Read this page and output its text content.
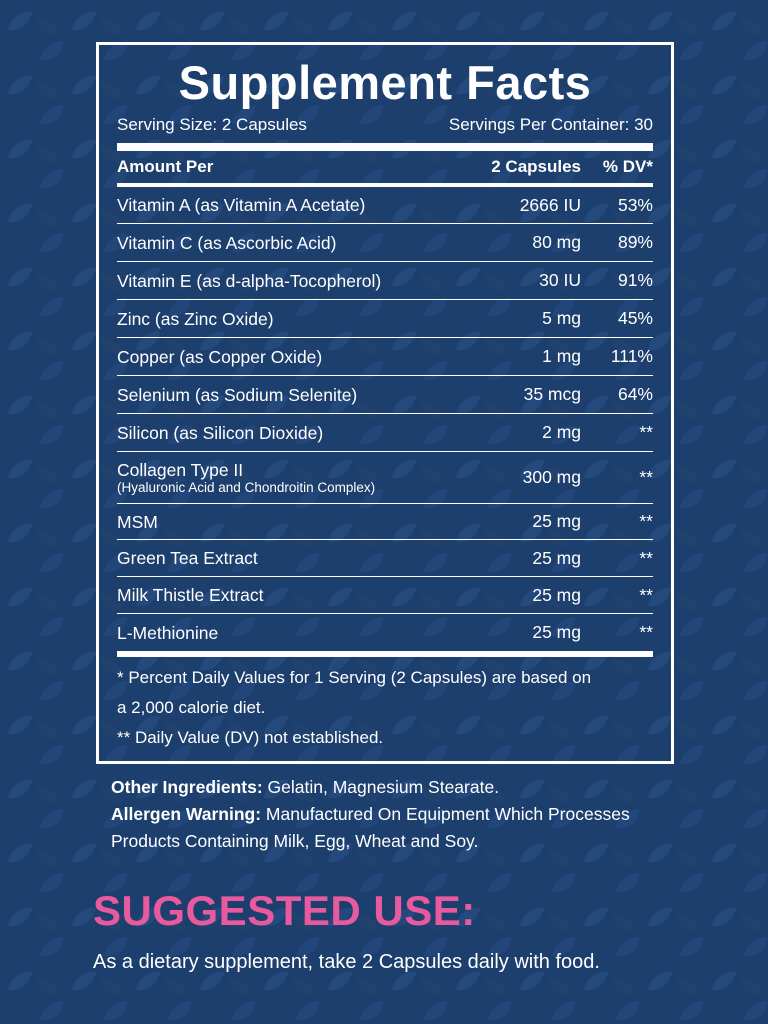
Supplement Facts
Serving Size: 2 Capsules	Servings Per Container: 30
Amount Per	2 Capsules	% DV*
Vitamin A (as Vitamin A Acetate)	2666 IU	53%
Vitamin C (as Ascorbic Acid)	80 mg	89%
Vitamin E (as d-alpha-Tocopherol)	30 IU	91%
Zinc (as Zinc Oxide)	5 mg	45%
Copper (as Copper Oxide)	1 mg	111%
Selenium (as Sodium Selenite)	35 mcg	64%
Silicon (as Silicon Dioxide)	2 mg	**
Collagen Type II
(Hyaluronic Acid and Chondroitin Complex)
300 mg	**
MSM	25 mg	**
Green Tea Extract	25 mg	**
Milk Thistle Extract	25 mg	**
L-Methionine	25 mg	**
* Percent Daily Values for 1 Serving (2 Capsules) are based on
a 2,000 calorie diet.
** Daily Value (DV) not established.
Other Ingredients: Gelatin, Magnesium Stearate.
Allergen Warning: Manufactured On Equipment Which Processes
Products Containing Milk, Egg, Wheat and Soy.
SUGGESTED USE:
As a dietary supplement, take 2 Capsules daily with food.
